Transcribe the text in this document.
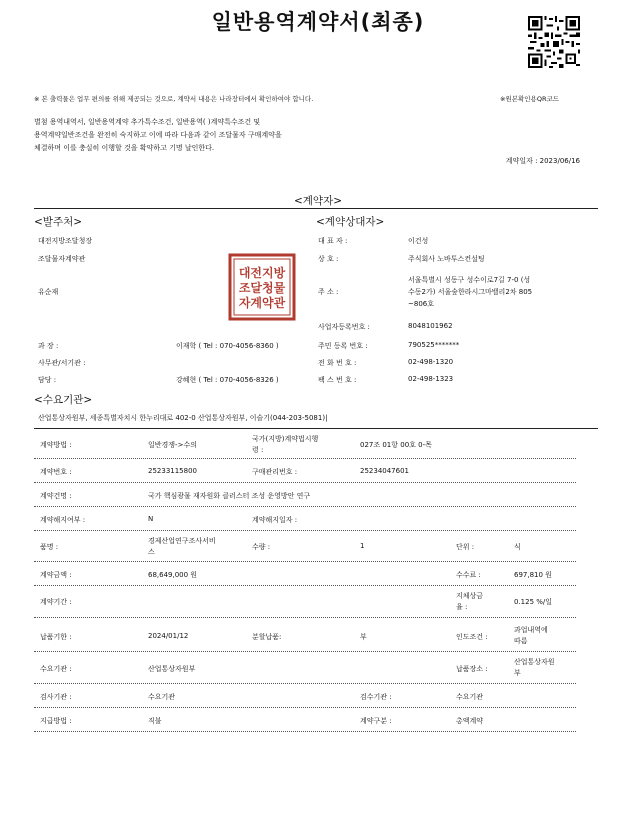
일반용역계약서(최종)
※ 본 출력물은 업무 편의를 위해 제공되는 것으로, 계약서 내용은 나라장터에서 확인하여야 합니다.	※원본확인용QR코드
별첨 용역내역서, 일반용역계약 추가특수조건, 일반용역( )계약특수조건 및
용역계약일반조건을 완전히 숙지하고 이에 따라 다음과 같이 조달물자 구매계약을
체결하며 이를 충실히 이행할 것을 확약하고 기명 날인한다.
계약일자 : 2023/06/16
<계약자>
<발주처>
대전지방조달청장
조달물자계약관
유순재
대전지방
조달청물
자계약관
과 장 :	이재학 ( Tel : 070-4056-8360 )
사무관/서기관 :
담당 :	강혜현 ( Tel : 070-4056-8326 )
<계약상대자>
대 표 자 :	이건성
상 호 :	주식회사 노바투스컨설팅
주 소 :
서울특별시 성동구 성수이로7길 7-0 (성
수동2가) 서울숲한라시그마밸리2차 805
~806호
사업자등록번호 :	8048101962
주민 등록 번호 :	790525*******
전 화 번 호 :	02-498-1320
팩 스 번 호 :	02-498-1323
<수요기관>
산업통상자원부, 세종특별자치시 한누리대로 402-0 산업통상자원부, 이슬기(044-203-5081)|
계약방법 :	일반경쟁->수의
국가(지방)계약법시행
령 :
027조 01항 00호 0-목
계약번호 :	25233115800	구매관리번호 :	25234047601
계약건명 :	국가 핵심광물 재자원화 클러스터 조성 운영방안 연구
계약해지여부 :	N	계약해지일자 :
품명 :
경제산업연구조사서비
스
수량 :	1	단위 :	식
계약금액 :	68,649,000 원	수수료 :	697,810 원
계약기간 :
지체상금
율 :
0.125 %/일
납품기한 :	2024/01/12	분할납품:	부	인도조건 :
과업내역에
따름
수요기관 :	산업통상자원부	납품장소 :
산업통상자원
부
검사기관 :	수요기관	검수기관 :	수요기관
지급방법 :	직불	계약구분 :	총액계약
